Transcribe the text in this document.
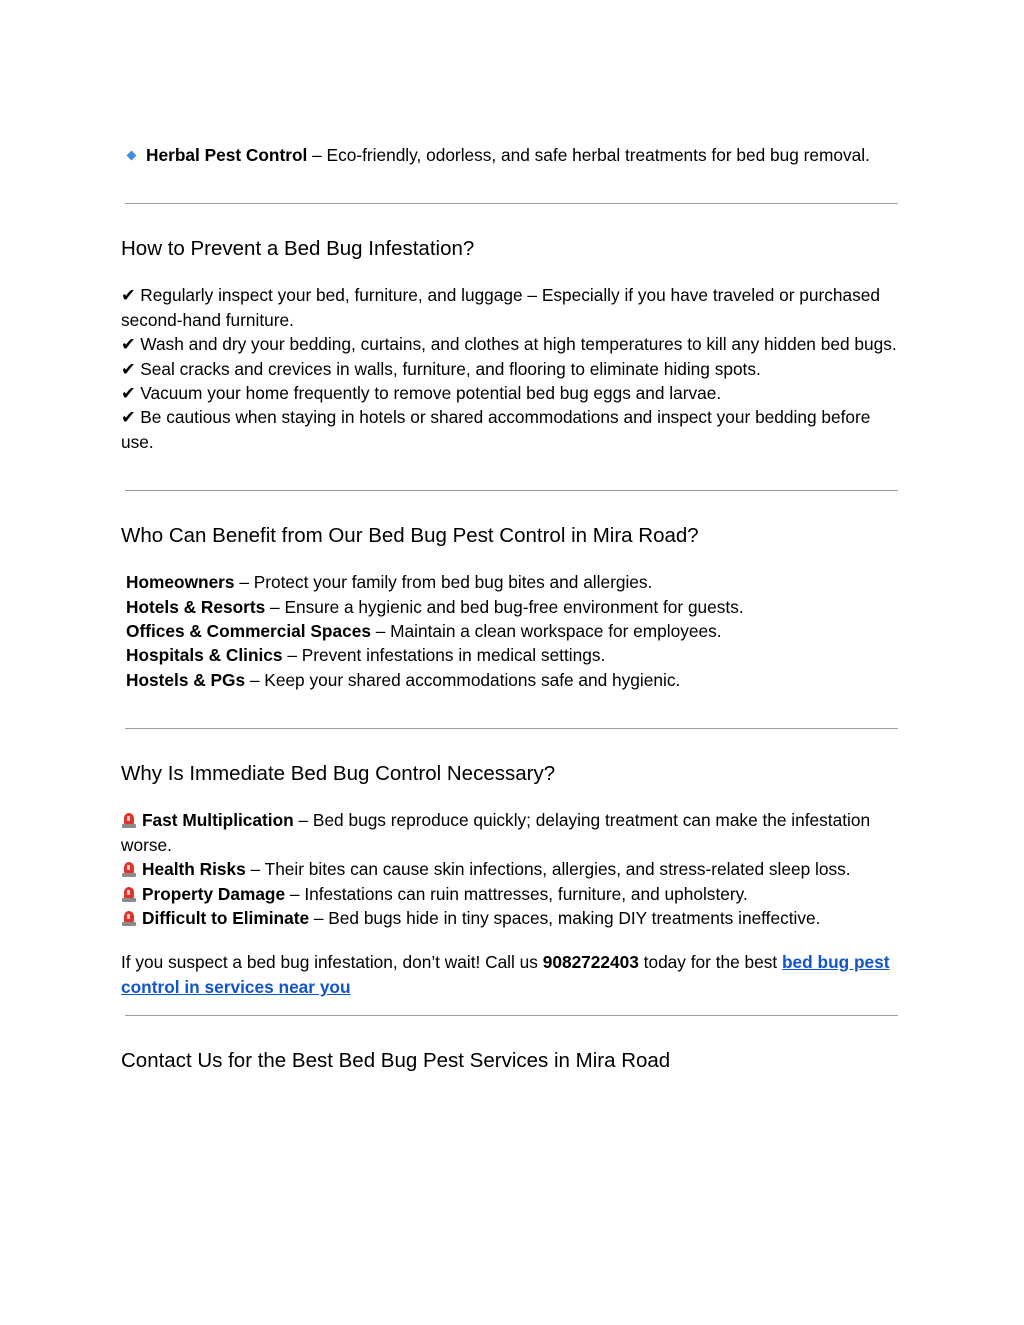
Herbal Pest Control – Eco-friendly, odorless, and safe herbal treatments for bed bug removal.

How to Prevent a Bed Bug Infestation?

✔ Regularly inspect your bed, furniture, and luggage – Especially if you have traveled or purchased second-hand furniture.

✔ Wash and dry your bedding, curtains, and clothes at high temperatures to kill any hidden bed bugs.

✔ Seal cracks and crevices in walls, furniture, and flooring to eliminate hiding spots.

✔ Vacuum your home frequently to remove potential bed bug eggs and larvae.

✔ Be cautious when staying in hotels or shared accommodations and inspect your bedding before use.

Who Can Benefit from Our Bed Bug Pest Control in Mira Road?

Homeowners – Protect your family from bed bug bites and allergies.

Hotels & Resorts – Ensure a hygienic and bed bug-free environment for guests.

Offices & Commercial Spaces – Maintain a clean workspace for employees.

Hospitals & Clinics – Prevent infestations in medical settings.

Hostels & PGs – Keep your shared accommodations safe and hygienic.

Why Is Immediate Bed Bug Control Necessary?

Fast Multiplication – Bed bugs reproduce quickly; delaying treatment can make the infestation worse.

Health Risks – Their bites can cause skin infections, allergies, and stress-related sleep loss.

Property Damage – Infestations can ruin mattresses, furniture, and upholstery.

Difficult to Eliminate – Bed bugs hide in tiny spaces, making DIY treatments ineffective.

If you suspect a bed bug infestation, don’t wait! Call us 9082722403 today for the best bed bug pest control in services near you

Contact Us for the Best Bed Bug Pest Services in Mira Road
